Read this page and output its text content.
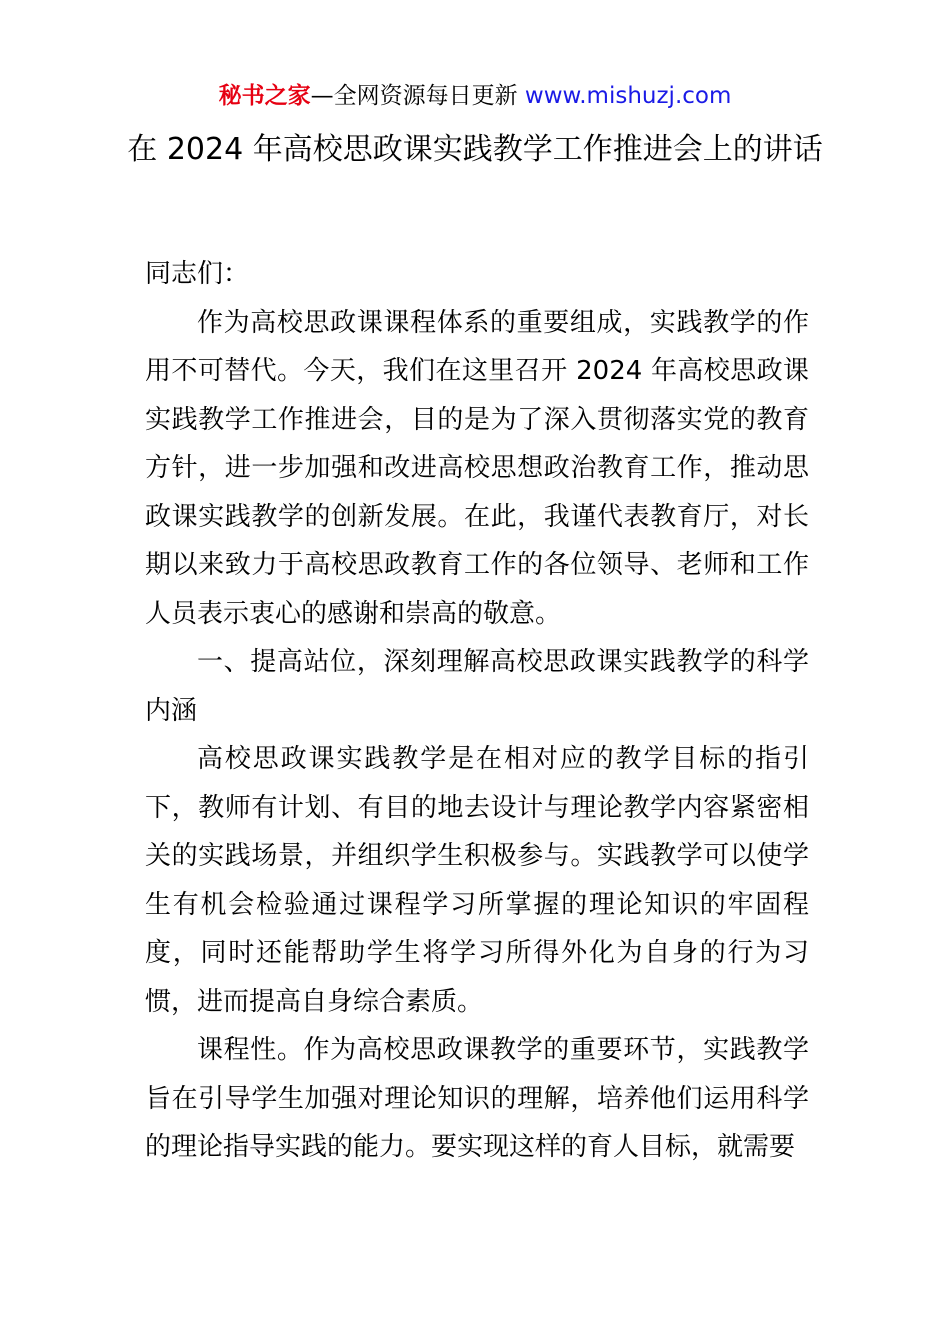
秘书之家—全网资源每日更新 www.mishuzj.com
在 2024 年高校思政课实践教学工作推进会上的讲话

同志们：

作为高校思政课课程体系的重要组成，实践教学的作用不可替代。今天，我们在这里召开 2024 年高校思政课实践教学工作推进会，目的是为了深入贯彻落实党的教育方针，进一步加强和改进高校思想政治教育工作，推动思政课实践教学的创新发展。在此，我谨代表教育厅，对长期以来致力于高校思政教育工作的各位领导、老师和工作人员表示衷心的感谢和崇高的敬意。

一、提高站位，深刻理解高校思政课实践教学的科学内涵

高校思政课实践教学是在相对应的教学目标的指引下，教师有计划、有目的地去设计与理论教学内容紧密相关的实践场景，并组织学生积极参与。实践教学可以使学生有机会检验通过课程学习所掌握的理论知识的牢固程度，同时还能帮助学生将学习所得外化为自身的行为习惯，进而提高自身综合素质。

课程性。作为高校思政课教学的重要环节，实践教学旨在引导学生加强对理论知识的理解，培养他们运用科学的理论指导实践的能力。要实现这样的育人目标，就需要
